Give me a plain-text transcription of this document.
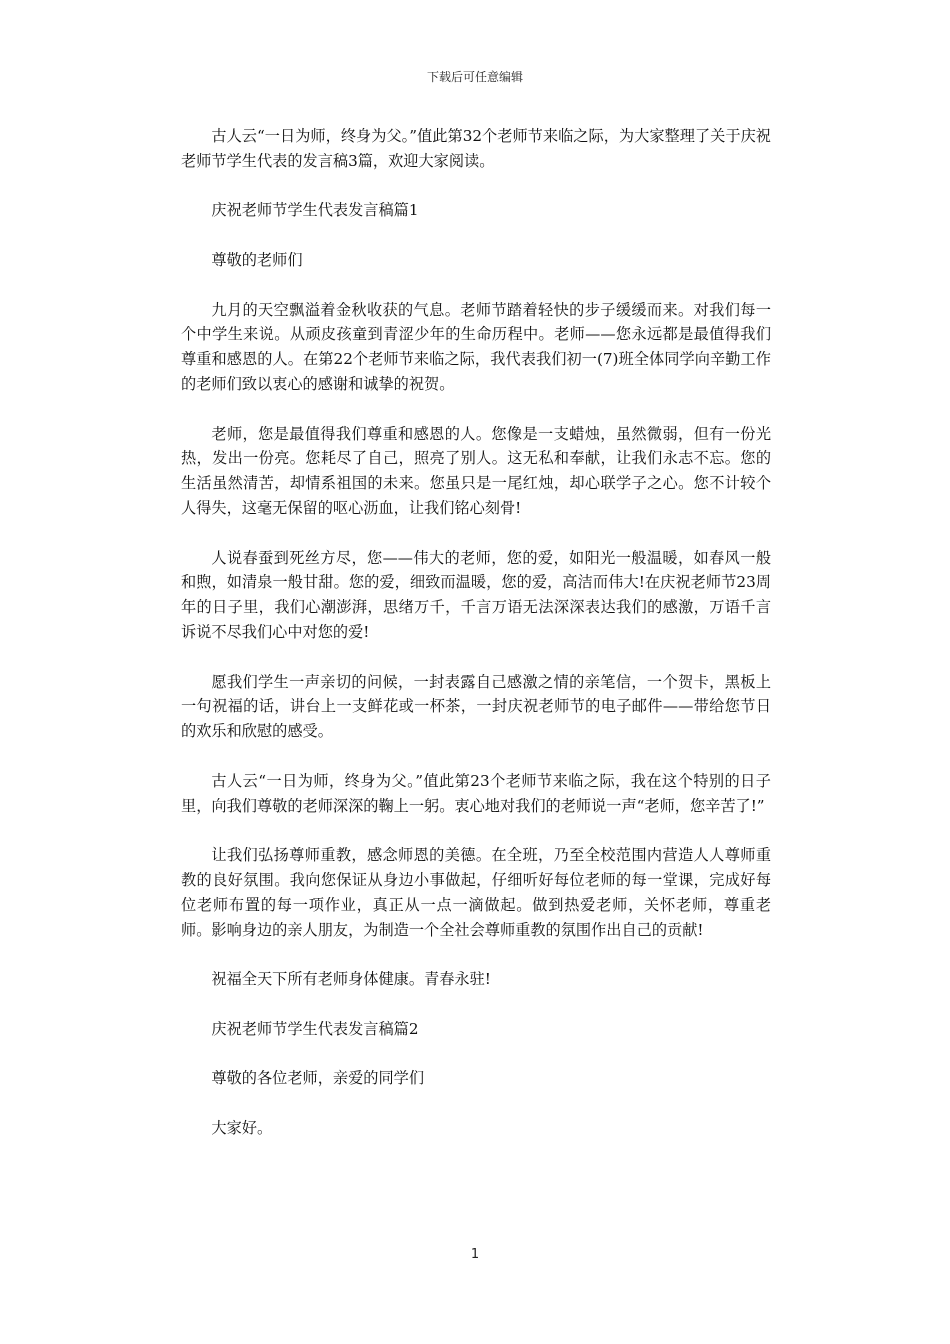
下载后可任意编辑

古人云“一日为师，终身为父。”值此第32个老师节来临之际，为大家整理了关于庆祝老师节学生代表的发言稿3篇，欢迎大家阅读。

庆祝老师节学生代表发言稿篇1

尊敬的老师们

九月的天空飘溢着金秋收获的气息。老师节踏着轻快的步子缓缓而来。对我们每一个中学生来说。从顽皮孩童到青涩少年的生命历程中。老师——您永远都是最值得我们尊重和感恩的人。在第22个老师节来临之际，我代表我们初一(7)班全体同学向辛勤工作的老师们致以衷心的感谢和诚挚的祝贺。

老师，您是最值得我们尊重和感恩的人。您像是一支蜡烛，虽然微弱，但有一份光热，发出一份亮。您耗尽了自己，照亮了别人。这无私和奉献，让我们永志不忘。您的生活虽然清苦，却情系祖国的未来。您虽只是一尾红烛，却心联学子之心。您不计较个人得失，这毫无保留的呕心沥血，让我们铭心刻骨!

人说春蚕到死丝方尽，您——伟大的老师，您的爱，如阳光一般温暖，如春风一般和煦，如清泉一般甘甜。您的爱，细致而温暖，您的爱，高洁而伟大!在庆祝老师节23周年的日子里，我们心潮澎湃，思绪万千，千言万语无法深深表达我们的感激，万语千言诉说不尽我们心中对您的爱!

愿我们学生一声亲切的问候，一封表露自己感激之情的亲笔信，一个贺卡，黑板上一句祝福的话，讲台上一支鲜花或一杯茶，一封庆祝老师节的电子邮件——带给您节日的欢乐和欣慰的感受。

古人云“一日为师，终身为父。”值此第23个老师节来临之际，我在这个特别的日子里，向我们尊敬的老师深深的鞠上一躬。衷心地对我们的老师说一声“老师，您辛苦了!”

让我们弘扬尊师重教，感念师恩的美德。在全班，乃至全校范围内营造人人尊师重教的良好氛围。我向您保证从身边小事做起，仔细听好每位老师的每一堂课，完成好每位老师布置的每一项作业，真正从一点一滴做起。做到热爱老师，关怀老师，尊重老师。影响身边的亲人朋友，为制造一个全社会尊师重教的氛围作出自己的贡献!

祝福全天下所有老师身体健康。青春永驻!

庆祝老师节学生代表发言稿篇2

尊敬的各位老师，亲爱的同学们

大家好。

1
